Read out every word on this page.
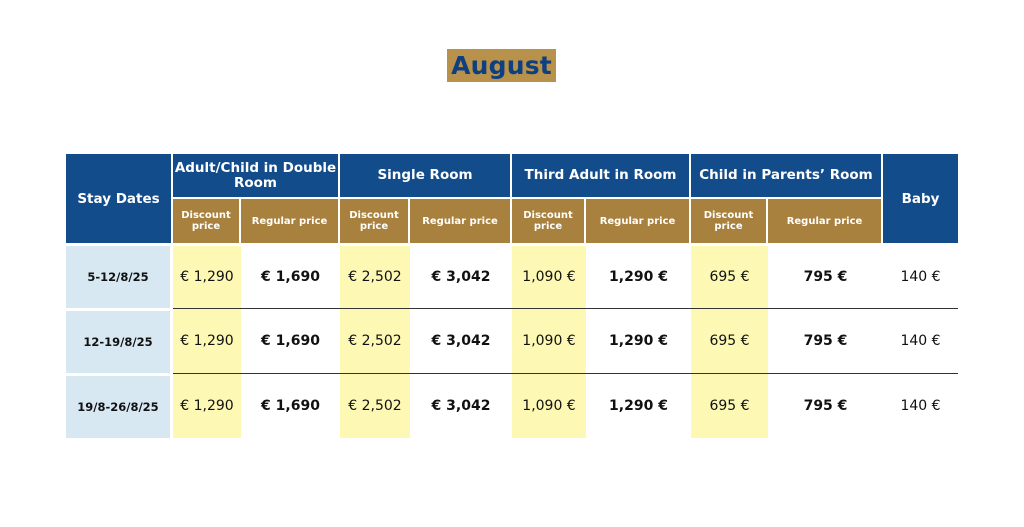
August
Stay Dates	Adult/Child in Double Room		Single Room		Third Adult in Room		Child in Parents’ Room		Baby
	Discount price	Regular price	Discount price	Regular price	Discount price	Regular price	Discount price	Regular price	
5-12/8/25	€ 1,290	€ 1,690	€ 2,502	€ 3,042	1,090 €	1,290 €	695 €	795 €	140 €
12-19/8/25	€ 1,290	€ 1,690	€ 2,502	€ 3,042	1,090 €	1,290 €	695 €	795 €	140 €
19/8-26/8/25	€ 1,290	€ 1,690	€ 2,502	€ 3,042	1,090 €	1,290 €	695 €	795 €	140 €
